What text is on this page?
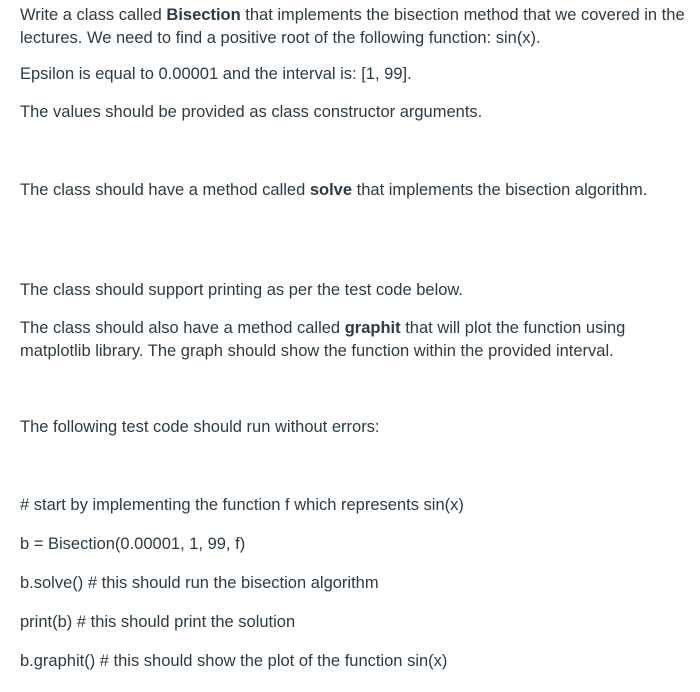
Write a class called Bisection that implements the bisection method that we covered in the lectures. We need to find a positive root of the following function: sin(x).

Epsilon is equal to 0.00001 and the interval is: [1, 99].

The values should be provided as class constructor arguments.

The class should have a method called solve that implements the bisection algorithm.

The class should support printing as per the test code below.

The class should also have a method called graphit that will plot the function using matplotlib library. The graph should show the function within the provided interval.

The following test code should run without errors:

# start by implementing the function f which represents sin(x)

b = Bisection(0.00001, 1, 99, f)

b.solve() # this should run the bisection algorithm

print(b) # this should print the solution

b.graphit() # this should show the plot of the function sin(x)
